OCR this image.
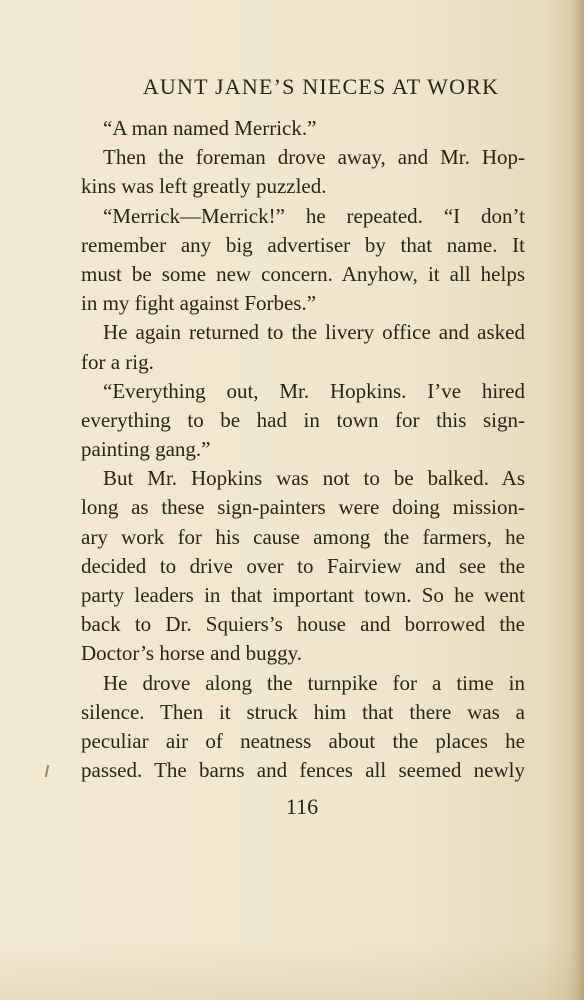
AUNT JANE’S NIECES AT WORK
“A man named Merrick.”
Then the foreman drove away, and Mr. Hop-
kins was left greatly puzzled.
“Merrick—Merrick!” he repeated. “I don’t
remember any big advertiser by that name. It
must be some new concern. Anyhow, it all helps
in my fight against Forbes.”
He again returned to the livery office and asked
for a rig.
“Everything out, Mr. Hopkins. I’ve hired
everything to be had in town for this sign-
painting gang.”
But Mr. Hopkins was not to be balked. As
long as these sign-painters were doing mission-
ary work for his cause among the farmers, he
decided to drive over to Fairview and see the
party leaders in that important town. So he went
back to Dr. Squiers’s house and borrowed the
Doctor’s horse and buggy.
He drove along the turnpike for a time in
silence. Then it struck him that there was a
peculiar air of neatness about the places he
passed. The barns and fences all seemed newly
116
